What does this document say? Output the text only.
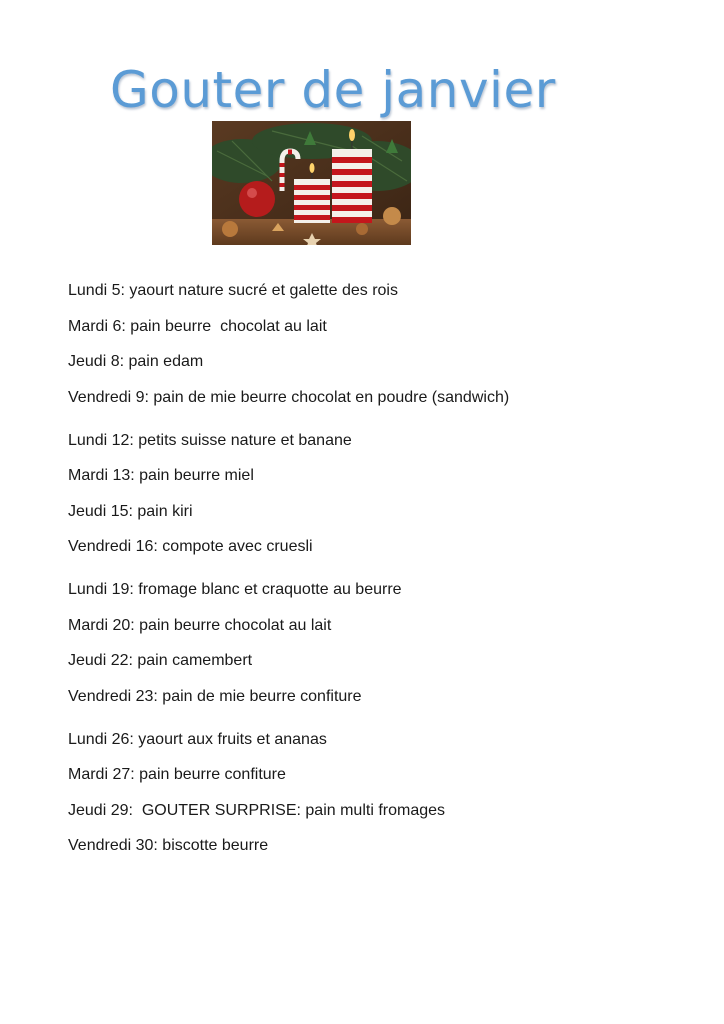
Gouter de janvier
Lundi 5: yaourt nature sucré et galette des rois
Mardi 6: pain beurre  chocolat au lait
Jeudi 8: pain edam
Vendredi 9: pain de mie beurre chocolat en poudre (sandwich)
Lundi 12: petits suisse nature et banane
Mardi 13: pain beurre miel
Jeudi 15: pain kiri
Vendredi 16: compote avec cruesli
Lundi 19: fromage blanc et craquotte au beurre
Mardi 20: pain beurre chocolat au lait
Jeudi 22: pain camembert
Vendredi 23: pain de mie beurre confiture
Lundi 26: yaourt aux fruits et ananas
Mardi 27: pain beurre confiture
Jeudi 29:  GOUTER SURPRISE: pain multi fromages
Vendredi 30: biscotte beurre
